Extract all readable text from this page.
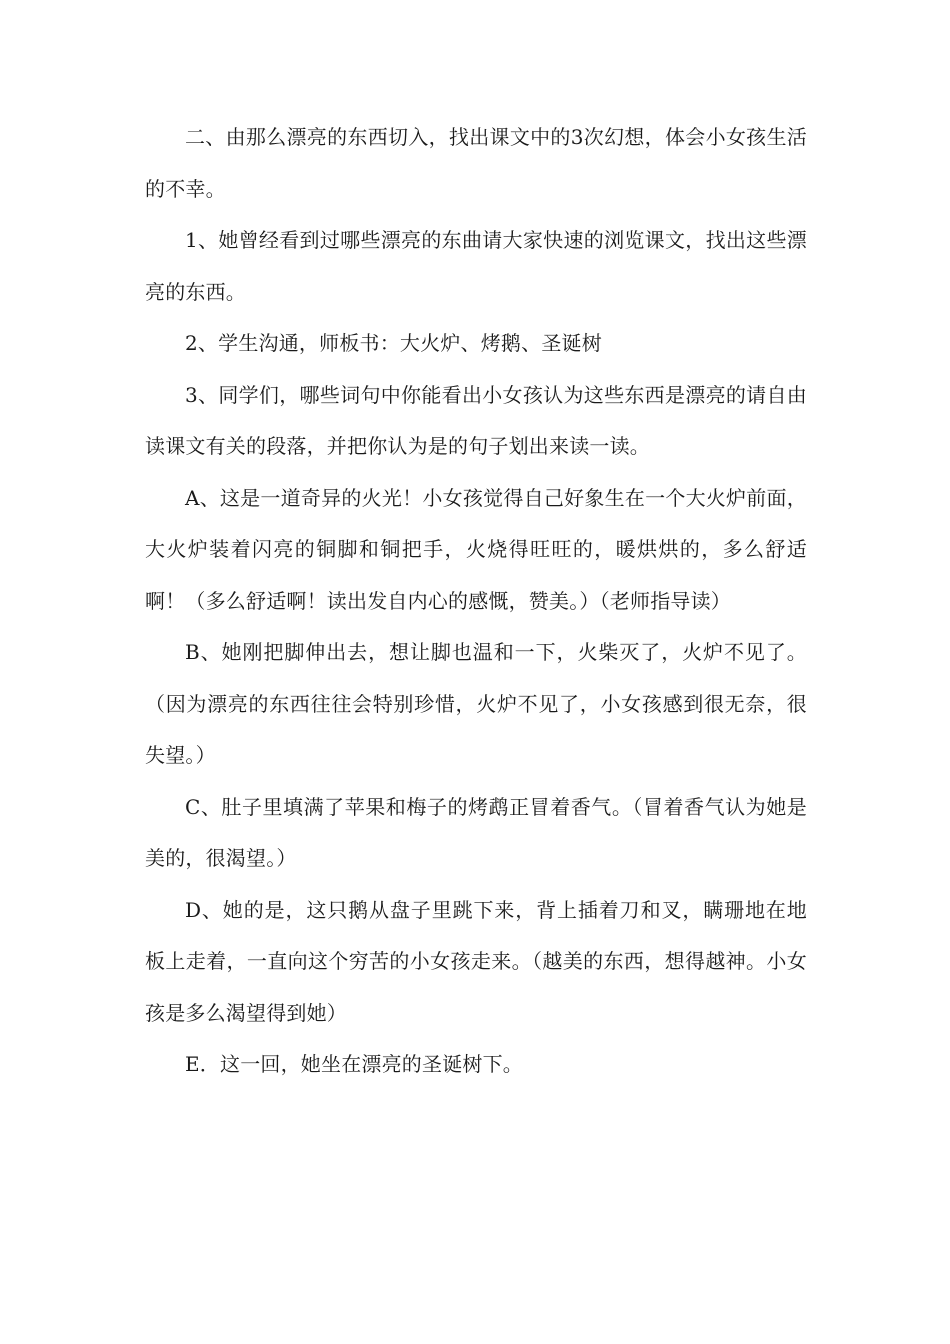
二、由那么漂亮的东西切入，找出课文中的3次幻想，体会小女孩生活的不幸。

1、她曾经看到过哪些漂亮的东曲请大家快速的浏览课文，找出这些漂亮的东西。

2、学生沟通，师板书：大火炉、烤鹅、圣诞树

3、同学们，哪些词句中你能看出小女孩认为这些东西是漂亮的请自由读课文有关的段落，并把你认为是的句子划出来读一读。

A、这是一道奇异的火光！小女孩觉得自己好象生在一个大火炉前面，大火炉装着闪亮的铜脚和铜把手，火烧得旺旺的，暖烘烘的，多么舒适啊！（多么舒适啊！读出发自内心的感慨，赞美。）（老师指导读）

B、她刚把脚伸出去，想让脚也温和一下，火柴灭了，火炉不见了。（因为漂亮的东西往往会特别珍惜，火炉不见了，小女孩感到很无奈，很失望。）

C、肚子里填满了苹果和梅子的烤鹉正冒着香气。（冒着香气认为她是美的，很渴望。）

D、她的是，这只鹅从盘子里跳下来，背上插着刀和叉，瞒珊地在地板上走着，一直向这个穷苦的小女孩走来。（越美的东西，想得越神。小女孩是多么渴望得到她）

E．这一回，她坐在漂亮的圣诞树下。
